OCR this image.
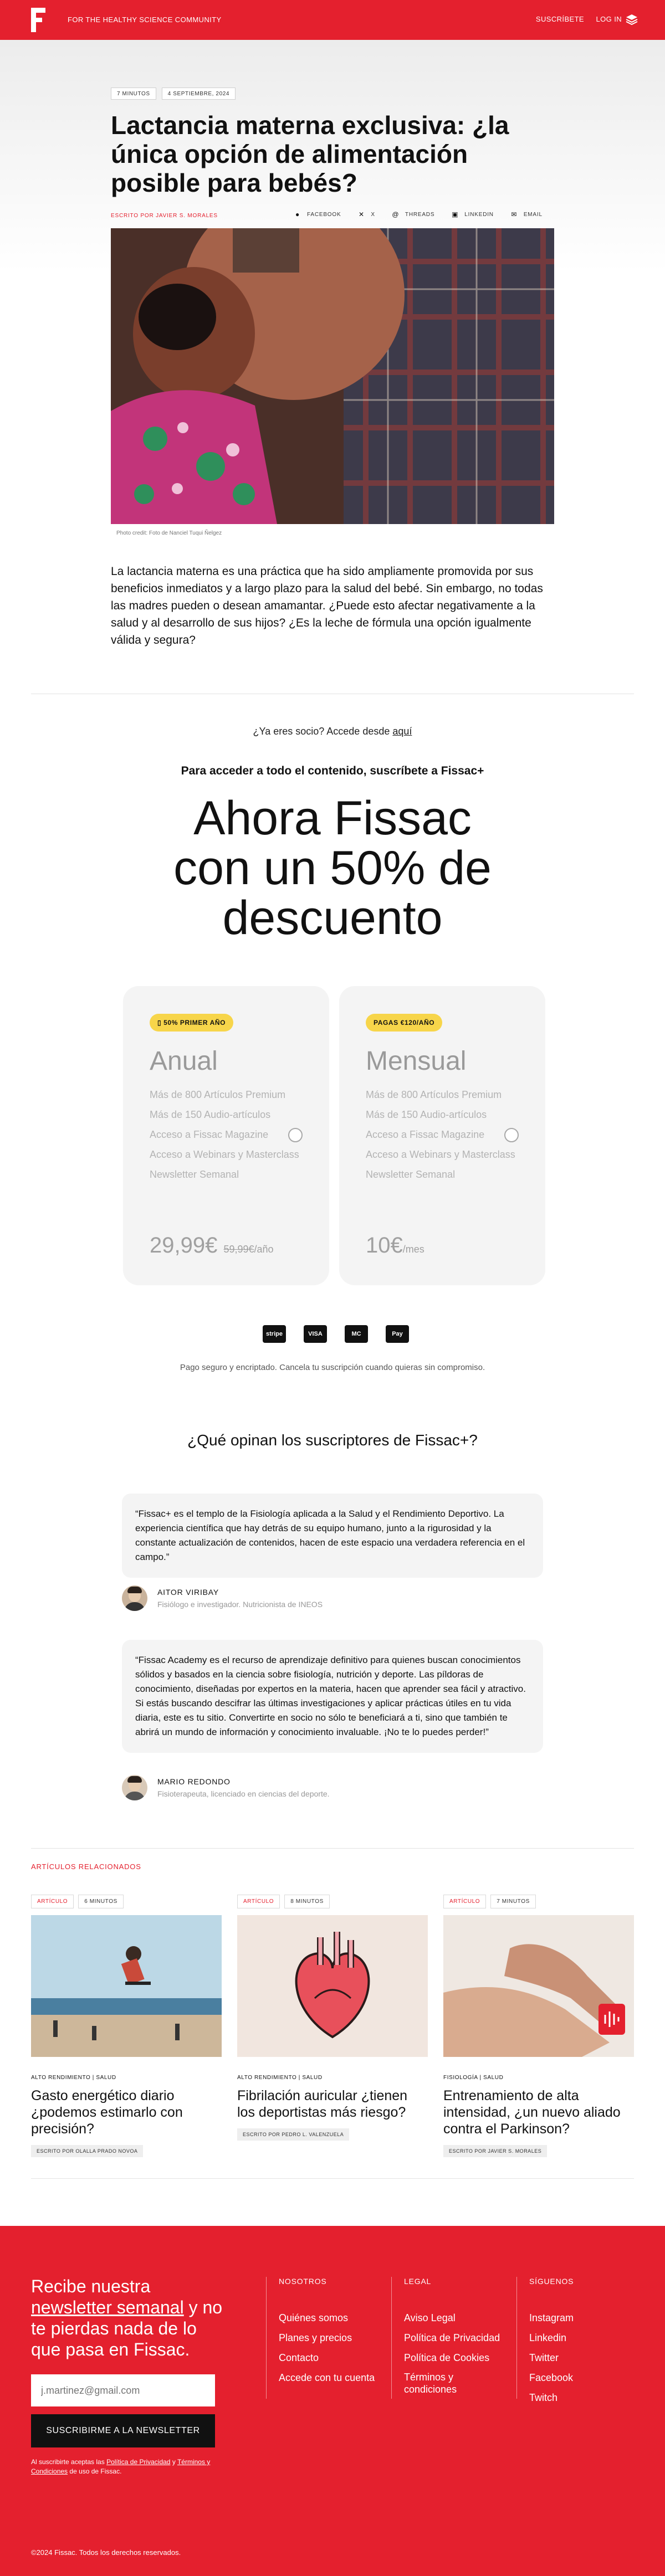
FOR THE HEALTHY SCIENCE COMMUNITY	SUSCRÍBETE LOG IN
7 MINUTOS	4 SEPTIEMBRE, 2024
Lactancia materna exclusiva: ¿la única opción de alimentación posible para bebés?
ESCRITO POR JAVIER S. MORALES	● FACEBOOK	✕ X	@ THREADS	▣ LINKEDIN	✉ EMAIL
Photo credit: Foto de Nanciel Tuqui Ñelgez

La lactancia materna es una práctica que ha sido ampliamente promovida por sus beneficios inmediatos y a largo plazo para la salud del bebé. Sin embargo, no todas las madres pueden o desean amamantar. ¿Puede esto afectar negativamente a la salud y al desarrollo de sus hijos? ¿Es la leche de fórmula una opción igualmente válida y segura?

¿Ya eres socio? Accede desde aquí
Para acceder a todo el contenido, suscríbete a Fissac+
Ahora Fissac con un 50% de descuento
▯ 50% PRIMER AÑO
Anual
Más de 800 Artículos Premium
Más de 150 Audio-artículos
Acceso a Fissac Magazine
Acceso a Webinars y Masterclass
Newsletter Semanal
29,99€ 59,99€/año
PAGAS €120/AÑO
Mensual
Más de 800 Artículos Premium
Más de 150 Audio-artículos
Acceso a Fissac Magazine
Acceso a Webinars y Masterclass
Newsletter Semanal
10€/mes
stripe	VISA	MC	Pay
Pago seguro y encriptado. Cancela tu suscripción cuando quieras sin compromiso.
¿Qué opinan los suscriptores de Fissac+?
“Fissac+ es el templo de la Fisiología aplicada a la Salud y el Rendimiento Deportivo. La experiencia científica que hay detrás de su equipo humano, junto a la rigurosidad y la constante actualización de contenidos, hacen de este espacio una verdadera referencia en el campo.”
AITOR VIRIBAY
Fisiólogo e investigador. Nutricionista de INEOS
“Fissac Academy es el recurso de aprendizaje definitivo para quienes buscan conocimientos sólidos y basados en la ciencia sobre fisiología, nutrición y deporte. Las píldoras de conocimiento, diseñadas por expertos en la materia, hacen que aprender sea fácil y atractivo. Si estás buscando descifrar las últimas investigaciones y aplicar prácticas útiles en tu vida diaria, este es tu sitio. Convertirte en socio no sólo te beneficiará a ti, sino que también te abrirá un mundo de información y conocimiento invaluable. ¡No te lo puedes perder!”
MARIO REDONDO
Fisioterapeuta, licenciado en ciencias del deporte.
ARTÍCULOS RELACIONADOS
ARTÍCULO	6 MINUTOS
ALTO RENDIMIENTO | SALUD
Gasto energético diario ¿podemos estimarlo con precisión?
ESCRITO POR OLALLA PRADO NOVOA
ARTÍCULO	8 MINUTOS
ALTO RENDIMIENTO | SALUD
Fibrilación auricular ¿tienen los deportistas más riesgo?
ESCRITO POR PEDRO L. VALENZUELA
ARTÍCULO	7 MINUTOS
FISIOLOGÍA | SALUD
Entrenamiento de alta intensidad, ¿un nuevo aliado contra el Parkinson?
ESCRITO POR JAVIER S. MORALES
Recibe nuestra newsletter semanal y no te pierdas nada de lo que pasa en Fissac.
j.martinez@gmail.com
SUSCRIBIRME A LA NEWSLETTER
Al suscribirte aceptas las Política de Privacidad y Términos y Condiciones de uso de Fissac.
NOSOTROS
Quiénes somos
Planes y precios
Contacto
Accede con tu cuenta
LEGAL
Aviso Legal
Política de Privacidad
Política de Cookies
Términos y condiciones
SÍGUENOS
Instagram
Linkedin
Twitter
Facebook
Twitch
©2024 Fissac. Todos los derechos reservados.
